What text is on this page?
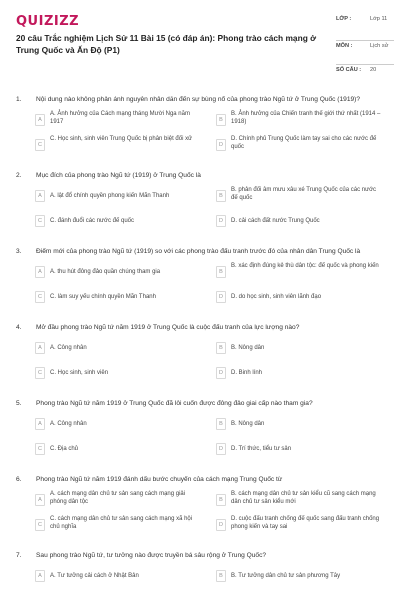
QUIZIZZ
20 câu Trắc nghiệm Lịch Sử 11 Bài 15 (có đáp án): Phong trào cách mạng ở Trung Quốc và Ấn Độ (P1)
LỚP :	Lớp 11
MÔN :	Lịch sử
SỐ CÂU : 20
1. Nội dung nào không phản ánh nguyên nhân dẫn đến sự bùng nổ của phong trào Ngũ tứ ở Trung Quốc (1919)?
A
A. Ảnh hưởng của Cách mạng tháng Mười Nga năm 1917	B
B. Ảnh hưởng của Chiến tranh thế giới thứ nhất (1914 – 1918)
C
C. Học sinh, sinh viên Trung Quốc bị phân biệt đối xử
D
D. Chính phủ Trung Quốc làm tay sai cho các nước đế quốc
2. Mục đích của phong trào Ngũ tứ (1919) ở Trung Quốc là
A	A. lật đổ chính quyền phong kiến Mãn Thanh	B
B. phản đối âm mưu xâu xé Trung Quốc của các nước đế quốc
C	C. đánh đuổi các nước đế quốc	D	D. cải cách đất nước Trung Quốc
3. Điểm mới của phong trào Ngũ tứ (1919) so với các phong trào đấu tranh trước đó của nhân dân Trung Quốc là
A	A. thu hút đông đảo quần chúng tham gia	B
B. xác định đúng kẻ thù dân tộc: đế quốc và phong kiến
C	C. làm suy yếu chính quyền Mãn Thanh	D	D. do học sinh, sinh viên lãnh đạo
4. Mở đầu phong trào Ngũ tứ năm 1919 ở Trung Quốc là cuộc đấu tranh của lực lượng nào?
A	A. Công nhân	B	B. Nông dân
C	C. Học sinh, sinh viên	D	D. Binh lính
5. Phong trào Ngũ tứ năm 1919 ở Trung Quốc đã lôi cuốn được đông đảo giai cấp nào tham gia?
A	A. Công nhân	B	B. Nông dân
C	C. Địa chủ	D	D. Trí thức, tiểu tư sản
6. Phong trào Ngũ tứ năm 1919 đánh dấu bước chuyển của cách mạng Trung Quốc từ
A
A. cách mạng dân chủ tư sản sang cách mạng giải phóng dân tộc	B
B. cách mạng dân chủ tư sản kiểu cũ sang cách mạng dân chủ tư sản kiểu mới
C
C. cách mạng dân chủ tư sản sang cách mạng xã hội chủ nghĩa	D
D. cuộc đấu tranh chống đế quốc sang đấu tranh chống phong kiến và tay sai
7. Sau phong trào Ngũ tứ, tư tưởng nào được truyền bá sâu rộng ở Trung Quốc?
A	A. Tư tưởng cải cách ở Nhật Bản	B	B. Tư tưởng dân chủ tư sản phương Tây
